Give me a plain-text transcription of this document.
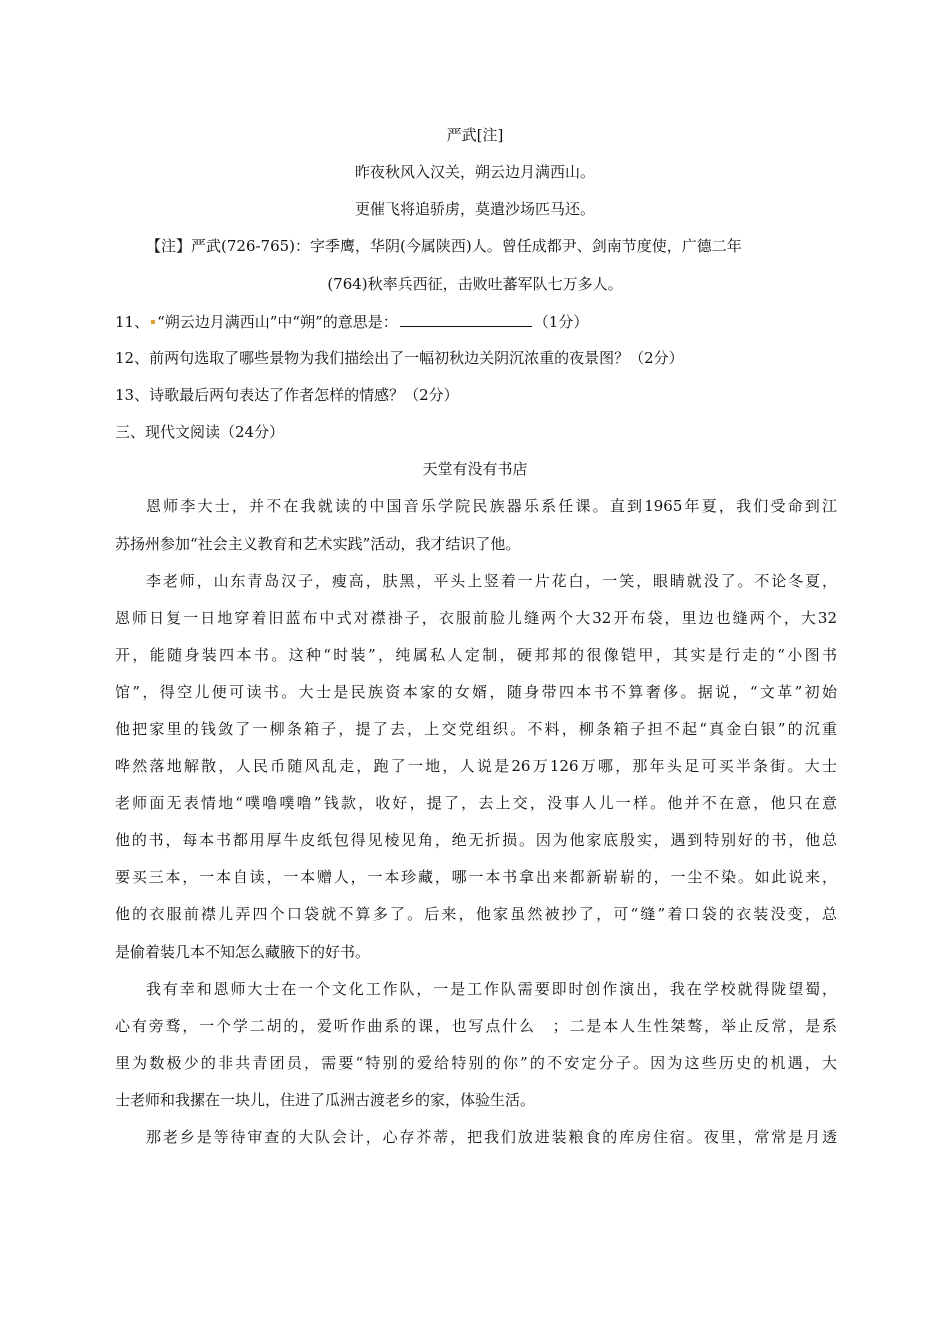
严武[注]
昨夜秋风入汉关，朔云边月满西山。
更催飞将追骄虏，莫遣沙场匹马还。
【注】严武(726-765)：字季鹰，华阴(今属陕西)人。曾任成都尹、剑南节度使，广德二年
(764)秋率兵西征，击败吐蕃军队七万多人。
11、 “朔云边月满西山”中“朔”的意思是：	（1分）
12、前两句选取了哪些景物为我们描绘出了一幅初秋边关阴沉浓重的夜景图？（2分）
13、诗歌最后两句表达了作者怎样的情感？（2分）
三、现代文阅读（24分）
天堂有没有书店
恩师李大士，并不在我就读的中国音乐学院民族器乐系任课。直到1965年夏，我们受命到江
苏扬州参加“社会主义教育和艺术实践”活动，我才结识了他。
李老师，山东青岛汉子，瘦高，肤黑，平头上竖着一片花白，一笑，眼睛就没了。不论冬夏，
恩师日复一日地穿着旧蓝布中式对襟褂子，衣服前脸儿缝两个大32开布袋，里边也缝两个，大32
开，能随身装四本书。这种“时装”，纯属私人定制，硬邦邦的很像铠甲，其实是行走的“小图书
馆”，得空儿便可读书。大士是民族资本家的女婿，随身带四本书不算奢侈。据说，“文革”初始
他把家里的钱敛了一柳条箱子，提了去，上交党组织。不料，柳条箱子担不起“真金白银”的沉重
哗然落地解散，人民币随风乱走，跑了一地，人说是26万126万哪，那年头足可买半条街。大士
老师面无表情地“噗噜噗噜”钱款，收好，提了，去上交，没事人儿一样。他并不在意，他只在意
他的书，每本书都用厚牛皮纸包得见棱见角，绝无折损。因为他家底殷实，遇到特别好的书，他总
要买三本，一本自读，一本赠人，一本珍藏，哪一本书拿出来都新崭崭的，一尘不染。如此说来，
他的衣服前襟儿弄四个口袋就不算多了。后来，他家虽然被抄了，可“缝”着口袋的衣装没变，总
是偷着装几本不知怎么藏腋下的好书。
我有幸和恩师大士在一个文化工作队，一是工作队需要即时创作演出，我在学校就得陇望蜀，
心有旁骛，一个学二胡的，爱听作曲系的课，也写点什么　；二是本人生性桀骜，举止反常，是系
里为数极少的非共青团员，需要“特别的爱给特别的你”的不安定分子。因为这些历史的机遇，大
士老师和我摞在一块儿，住进了瓜洲古渡老乡的家，体验生活。
那老乡是等待审查的大队会计，心存芥蒂，把我们放进装粮食的库房住宿。夜里，常常是月透
